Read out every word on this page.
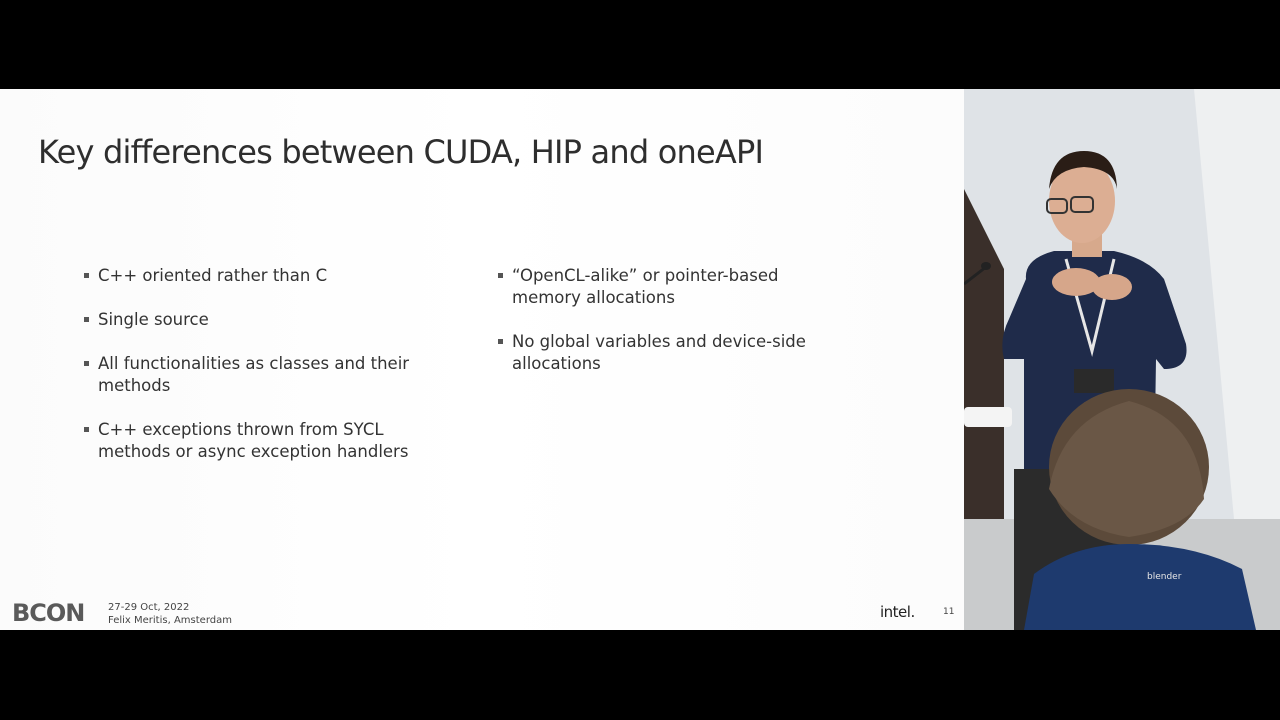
Key differences between CUDA, HIP and oneAPI
C++ oriented rather than C
Single source
All functionalities as classes and their methods
C++ exceptions thrown from SYCL methods or async exception handlers
“OpenCL-alike” or pointer-based memory allocations
No global variables and device-side allocations
BCON 27-29 Oct, 2022
Felix Meritis, Amsterdam	intel.	11
blender
